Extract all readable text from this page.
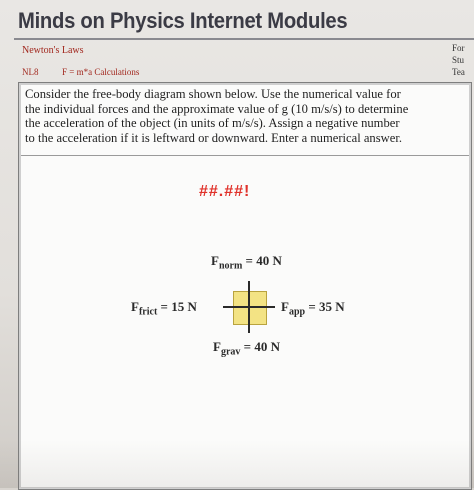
Minds on Physics Internet Modules
Newton's Laws
NL8	F = m*a Calculations
For
Stu
Tea
Consider the free-body diagram shown below. Use the numerical value for
the individual forces and the approximate value of g (10 m/s/s) to determine
the acceleration of the object (in units of m/s/s). Assign a negative number
to the acceleration if it is leftward or downward. Enter a numerical answer.
##.##!
$F_{norm} = 40$ N
$F_{frict} = 15$ N	$F_{app} = 35$ N
$F_{grav} = 40$ N
